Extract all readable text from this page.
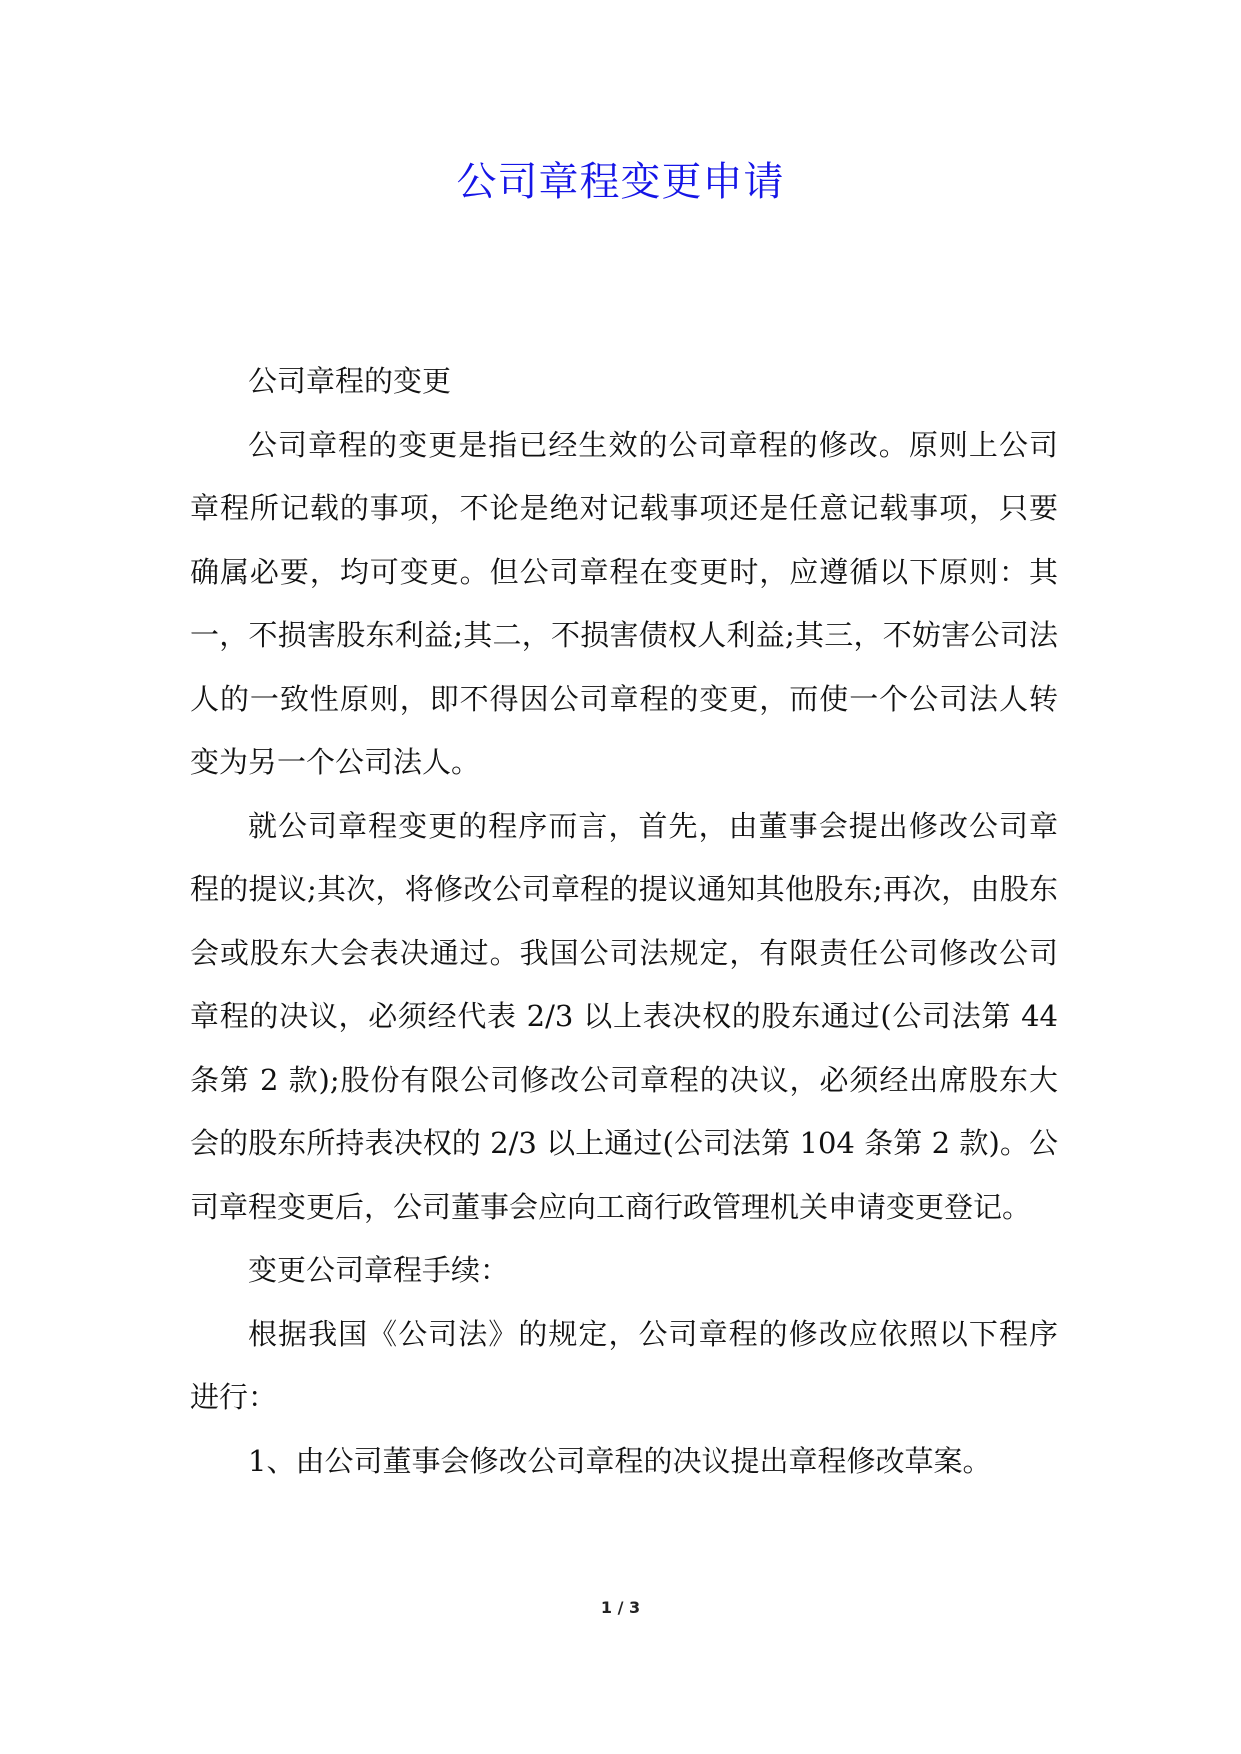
公司章程变更申请

公司章程的变更

公司章程的变更是指已经生效的公司章程的修改。原则上公司章程所记载的事项，不论是绝对记载事项还是任意记载事项，只要确属必要，均可变更。但公司章程在变更时，应遵循以下原则：其一，不损害股东利益;其二，不损害债权人利益;其三，不妨害公司法人的一致性原则，即不得因公司章程的变更，而使一个公司法人转变为另一个公司法人。

就公司章程变更的程序而言，首先，由董事会提出修改公司章程的提议;其次，将修改公司章程的提议通知其他股东;再次，由股东会或股东大会表决通过。我国公司法规定，有限责任公司修改公司章程的决议，必须经代表 2/3 以上表决权的股东通过(公司法第 44 条第 2 款);股份有限公司修改公司章程的决议，必须经出席股东大会的股东所持表决权的 2/3 以上通过(公司法第 104 条第 2 款)。公司章程变更后，公司董事会应向工商行政管理机关申请变更登记。

变更公司章程手续：

根据我国《公司法》的规定，公司章程的修改应依照以下程序进行：

1、由公司董事会修改公司章程的决议提出章程修改草案。

1 / 3
